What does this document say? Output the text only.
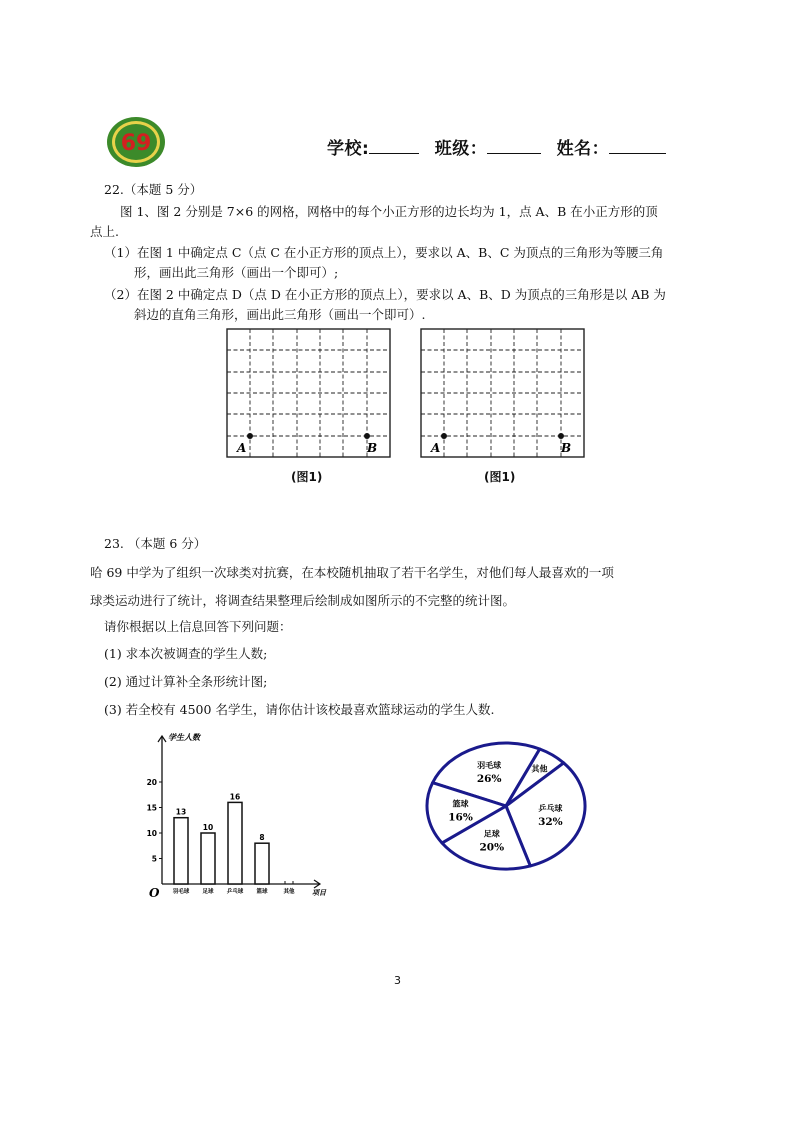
69	学校:	班级：	姓名：
22.（本题 5 分）
图 1、图 2 分别是 7×6 的网格，网格中的每个小正方形的边长均为 1，点 A、B 在小正方形的顶
点上.
（1）在图 1 中确定点 C（点 C 在小正方形的顶点上），要求以 A、B、C 为顶点的三角形为等腰三角
形，画出此三角形（画出一个即可）;
（2）在图 2 中确定点 D（点 D 在小正方形的顶点上），要求以 A、B、D 为顶点的三角形是以 AB 为
斜边的直角三角形，画出此三角形（画出一个即可）.
A	B
(图1)
A	B
(图1)
23. （本题 6 分）
哈 69 中学为了组织一次球类对抗赛，在本校随机抽取了若干名学生，对他们每人最喜欢的一项
球类运动进行了统计，将调查结果整理后绘制成如图所示的不完整的统计图。
请你根据以上信息回答下列问题：
(1) 求本次被调查的学生人数;
(2) 通过计算补全条形统计图;
(3) 若全校有 4500 名学生，请你估计该校最喜欢篮球运动的学生人数.
学生人数
项目
O
5
10
15
20
13
羽毛球
10
足球
16
乒乓球
8
篮球	其他
羽毛球
26%
其他
乒乓球
32%
足球
20%
篮球
16%
3
